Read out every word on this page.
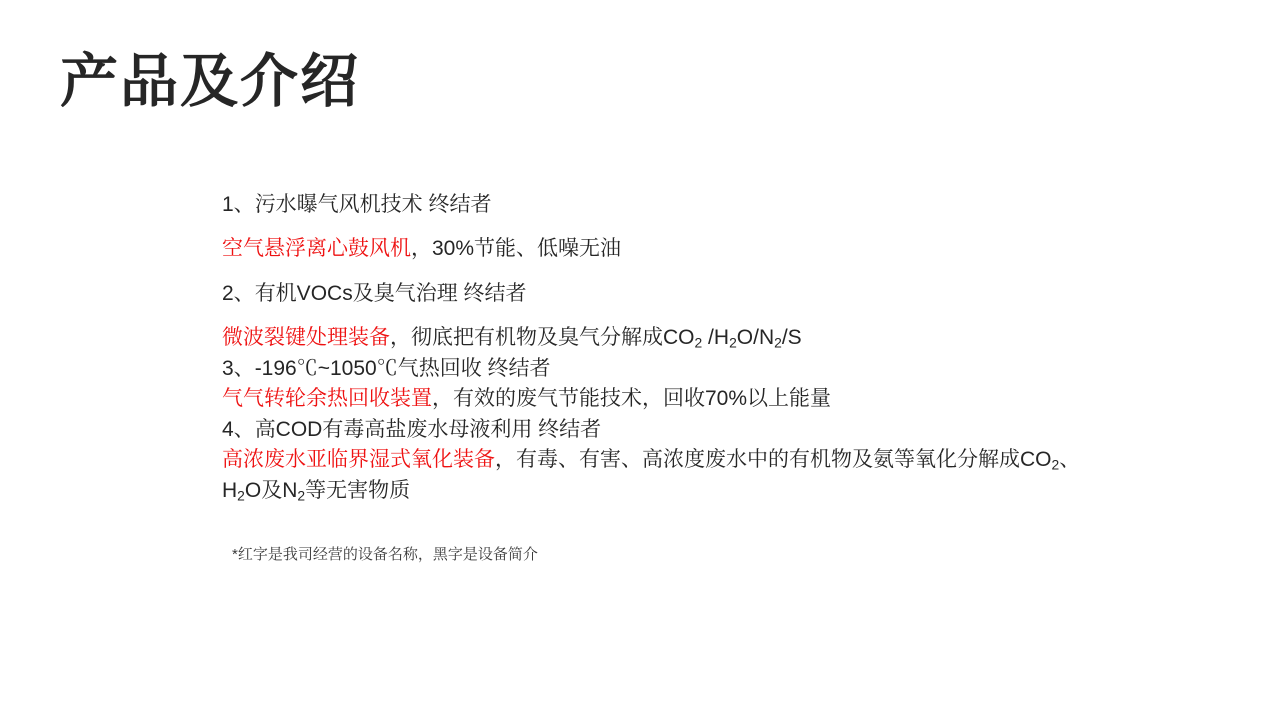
产品及介绍
1、污水曝气风机技术 终结者
空气悬浮离心鼓风机，30%节能、低噪无油
2、有机VOCs及臭气治理 终结者
微波裂键处理装备，彻底把有机物及臭气分解成$CO_2$ $/H_2O/N_2/S$
3、-196℃~1050℃气热回收 终结者
气气转轮余热回收装置，有效的废气节能技术，回收70%以上能量
4、高COD有毒高盐废水母液利用 终结者
高浓废水亚临界湿式氧化装备，有毒、有害、高浓度废水中的有机物及氨等氧化分解成$CO_2$、 $H_2O$及$N_2$等无害物质
*红字是我司经营的设备名称，黑字是设备简介
